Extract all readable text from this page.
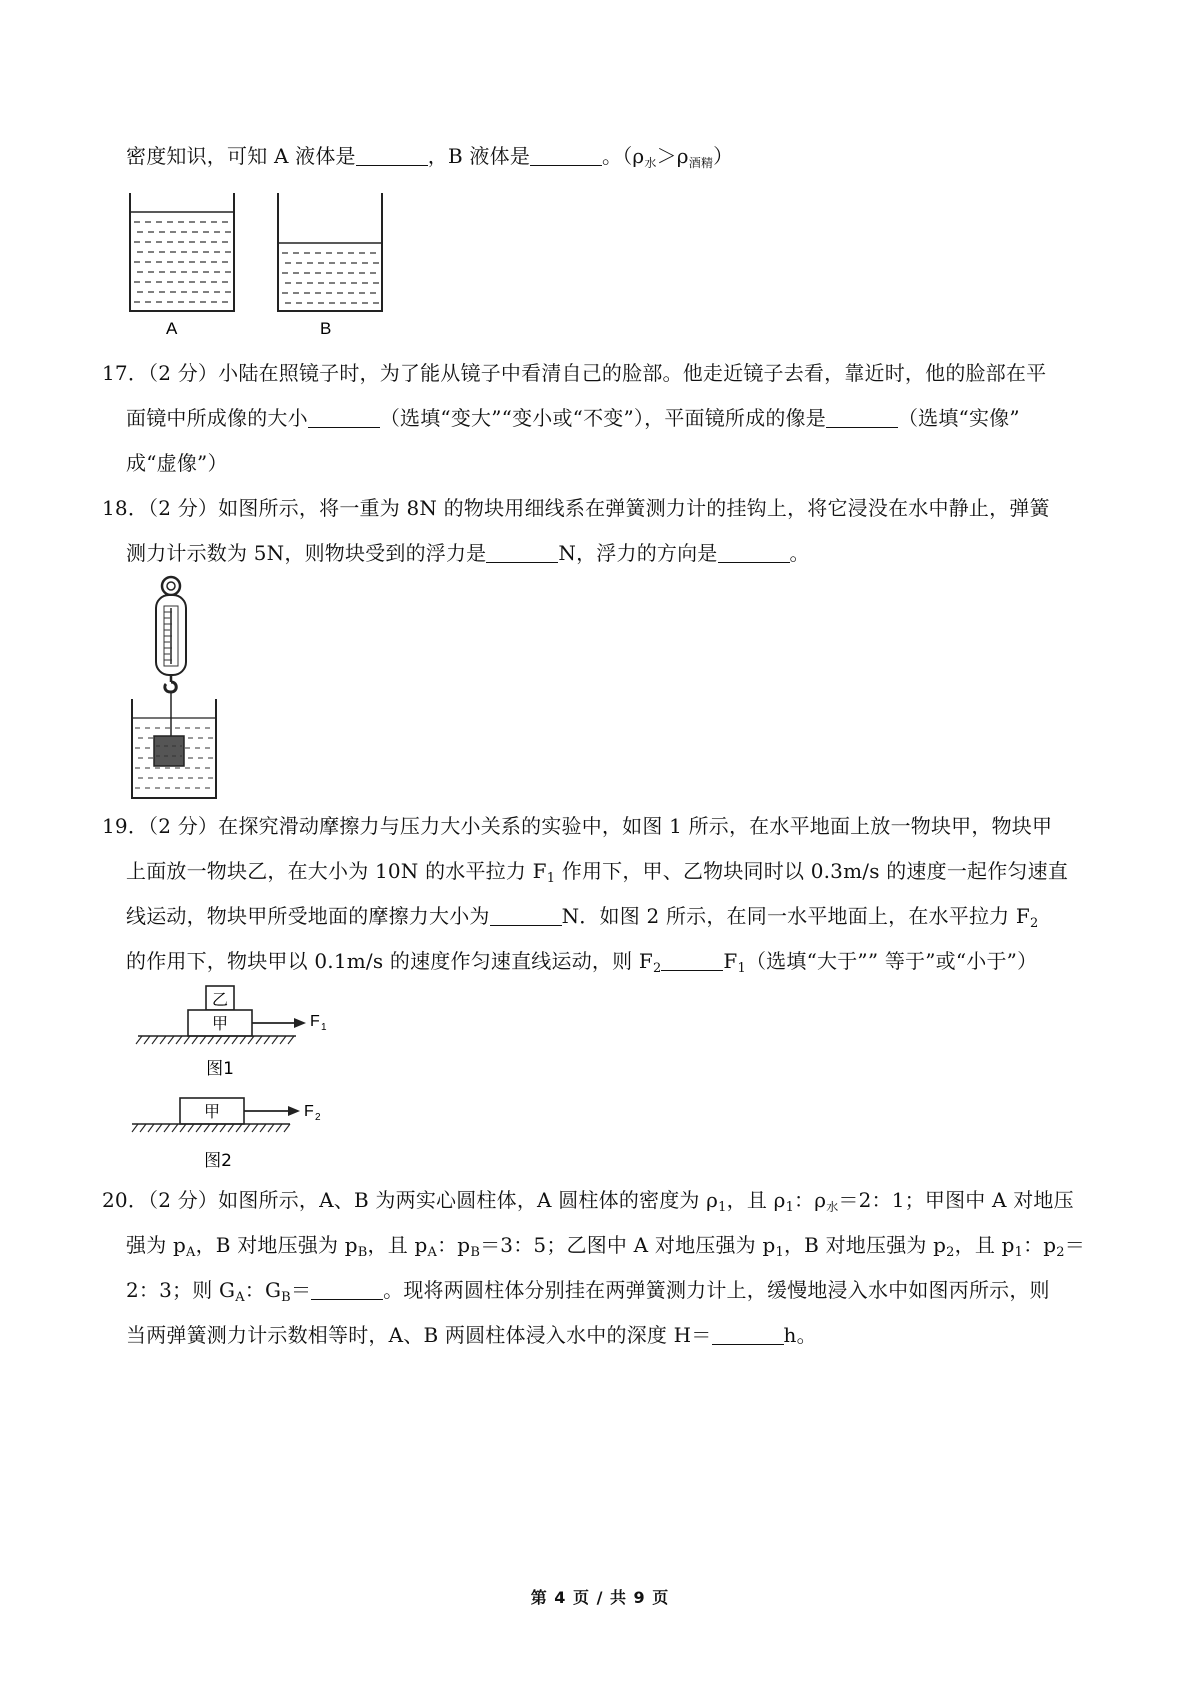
密度知识，可知 A 液体是	，B 液体是	。$(\rho_水>\rho_{酒精})$
A	B
17．（2 分）小陆在照镜子时，为了能从镜子中看清自己的脸部。他走近镜子去看，靠近时，他的脸部在平
面镜中所成像的大小	（选填“变大”“变小或“不变”），平面镜所成的像是	（选填“实像”
成“虚像”）
18．（2 分）如图所示，将一重为 8N 的物块用细线系在弹簧测力计的挂钩上，将它浸没在水中静止，弹簧
测力计示数为 5N，则物块受到的浮力是	N，浮力的方向是	。
19．（2 分）在探究滑动摩擦力与压力大小关系的实验中，如图 1 所示，在水平地面上放一物块甲，物块甲
上面放一物块乙，在大小为 10N 的水平拉力 $F_1$ 作用下，甲、乙物块同时以 0.3m/s 的速度一起作匀速直
线运动，物块甲所受地面的摩擦力大小为	N．如图 2 所示，在同一水平地面上，在水平拉力 $F_2$
的作用下，物块甲以 0.1m/s 的速度作匀速直线运动，则 $F_2$	$F_1$（选填“大于”” 等于”或“小于”）
乙
甲	F 1
图1
甲	F 2
图2
20．（2 分）如图所示，A、B 为两实心圆柱体，A 圆柱体的密度为 $\rho_1$，且 $\rho_1$：$\rho_水=2$：1；甲图中 A 对地压
强为 $p_A$，B 对地压强为 $p_B$，且 $p_A$：$p_B=3$：5；乙图中 A 对地压强为 $p_1$，B 对地压强为 $p_2$，且 $p_1$：$p_2=$
2：3；则 $G_A$：$G_B=$	。现将两圆柱体分别挂在两弹簧测力计上，缓慢地浸入水中如图丙所示，则
当两弹簧测力计示数相等时，A、B 两圆柱体浸入水中的深度 H＝	h。
第 4 页 / 共 9 页
